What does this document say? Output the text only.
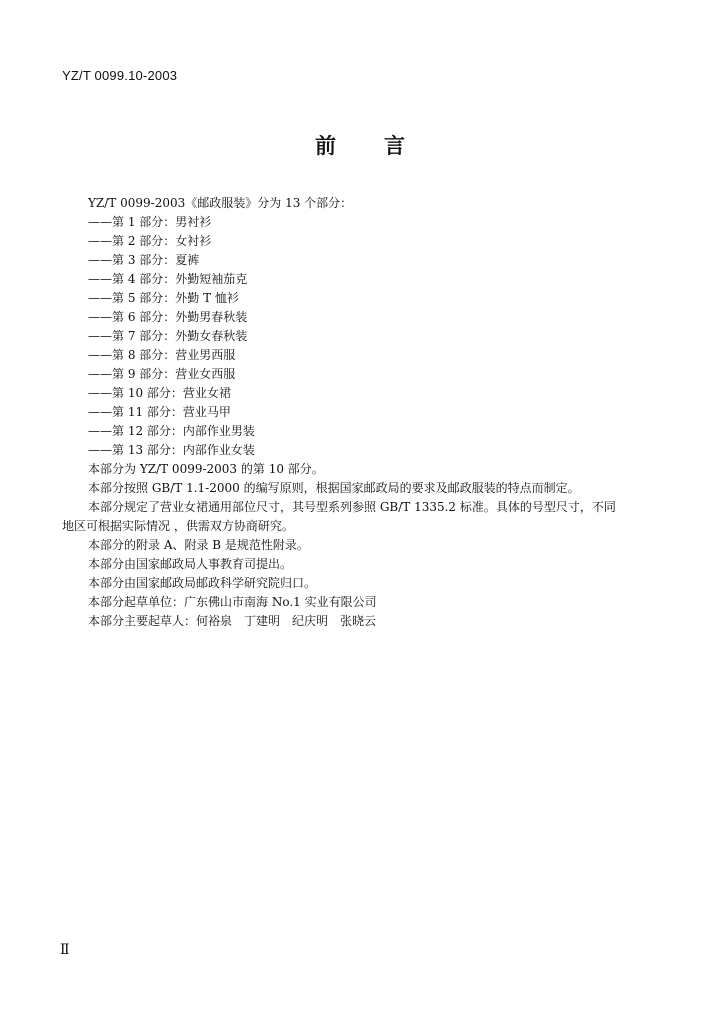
YZ/T 0099.10-2003
前言
YZ/T 0099-2003《邮政服装》分为 13 个部分：
——第 1 部分：男衬衫
——第 2 部分：女衬衫
——第 3 部分：夏裤
——第 4 部分：外勤短袖茄克
——第 5 部分：外勤 T 恤衫
——第 6 部分：外勤男春秋装
——第 7 部分：外勤女春秋装
——第 8 部分：营业男西服
——第 9 部分：营业女西服
——第 10 部分：营业女裙
——第 11 部分：营业马甲
——第 12 部分：内部作业男装
——第 13 部分：内部作业女装
本部分为 YZ/T 0099-2003 的第 10 部分。
本部分按照 GB/T 1.1-2000 的编写原则，根据国家邮政局的要求及邮政服装的特点而制定。
本部分规定了营业女裙通用部位尺寸，其号型系列参照 GB/T 1335.2 标准。具体的号型尺寸，不同
地区可根据实际情况 ，供需双方协商研究。
本部分的附录 A、附录 B 是规范性附录。
本部分由国家邮政局人事教育司提出。
本部分由国家邮政局邮政科学研究院归口。
本部分起草单位：广东佛山市南海 No.1 实业有限公司
本部分主要起草人：何裕泉　丁建明　纪庆明　张晓云
Ⅱ
